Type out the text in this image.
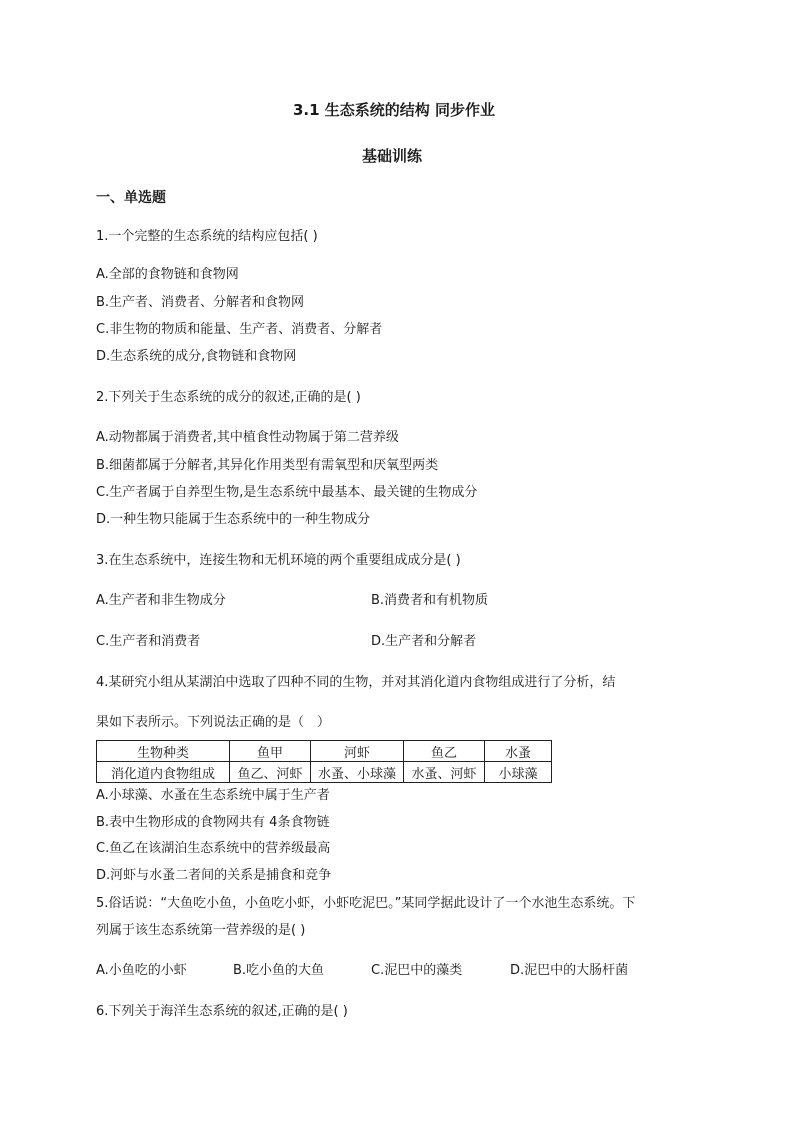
3.1 生态系统的结构 同步作业
基础训练
一、单选题
1.一个完整的生态系统的结构应包括( )
A.全部的食物链和食物网
B.生产者、消费者、分解者和食物网
C.非生物的物质和能量、生产者、消费者、分解者
D.生态系统的成分,食物链和食物网
2.下列关于生态系统的成分的叙述,正确的是( )
A.动物都属于消费者,其中植食性动物属于第二营养级
B.细菌都属于分解者,其异化作用类型有需氧型和厌氧型两类
C.生产者属于自养型生物,是生态系统中最基本、最关键的生物成分
D.一种生物只能属于生态系统中的一种生物成分
3.在生态系统中，连接生物和无机环境的两个重要组成成分是( )
A.生产者和非生物成分	B.消费者和有机物质
C.生产者和消费者	D.生产者和分解者
4.某研究小组从某湖泊中选取了四种不同的生物，并对其消化道内食物组成进行了分析，结
果如下表所示。下列说法正确的是（　）
生物种类	鱼甲	河虾	鱼乙	水蚤
消化道内食物组成	鱼乙、河虾	水蚤、小球藻	水蚤、河虾	小球藻
A.小球藻、水蚤在生态系统中属于生产者
B.表中生物形成的食物网共有 4条食物链
C.鱼乙在该湖泊生态系统中的营养级最高
D.河虾与水蚤二者间的关系是捕食和竞争
5.俗话说：“大鱼吃小鱼，小鱼吃小虾，小虾吃泥巴。”某同学据此设计了一个水池生态系统。下
列属于该生态系统第一营养级的是( )
A.小鱼吃的小虾	B.吃小鱼的大鱼	C.泥巴中的藻类	D.泥巴中的大肠杆菌
6.下列关于海洋生态系统的叙述,正确的是( )
